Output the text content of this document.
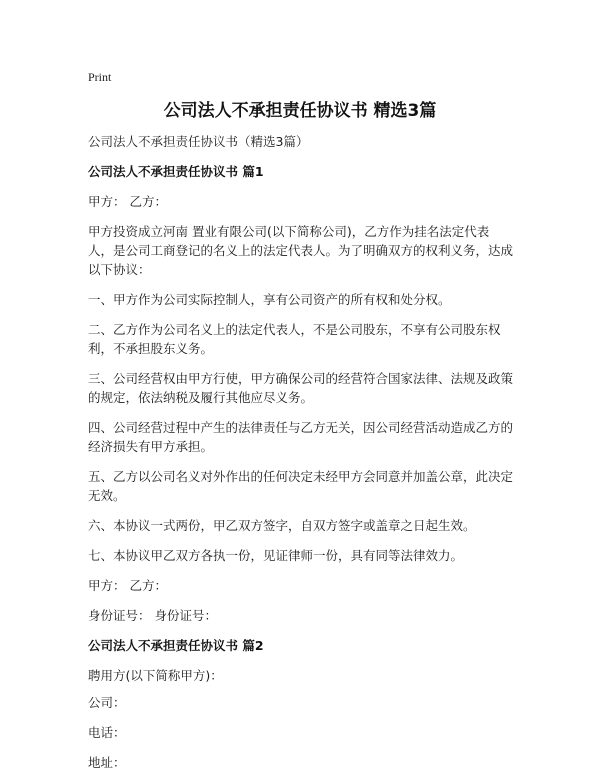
Print
公司法人不承担责任协议书 精选3篇

公司法人不承担责任协议书（精选3篇）

公司法人不承担责任协议书 篇1

甲方： 乙方：

甲方投资成立河南 置业有限公司(以下简称公司)，乙方作为挂名法定代表人，是公司工商登记的名义上的法定代表人。为了明确双方的权利义务，达成以下协议：

一、甲方作为公司实际控制人，享有公司资产的所有权和处分权。

二、乙方作为公司名义上的法定代表人，不是公司股东，不享有公司股东权利，不承担股东义务。

三、公司经营权由甲方行使，甲方确保公司的经营符合国家法律、法规及政策的规定，依法纳税及履行其他应尽义务。

四、公司经营过程中产生的法律责任与乙方无关，因公司经营活动造成乙方的经济损失有甲方承担。

五、乙方以公司名义对外作出的任何决定未经甲方会同意并加盖公章，此决定无效。

六、本协议一式两份，甲乙双方签字，自双方签字或盖章之日起生效。

七、本协议甲乙双方各执一份，见证律师一份，具有同等法律效力。

甲方： 乙方：

身份证号： 身份证号：

公司法人不承担责任协议书 篇2

聘用方(以下简称甲方)：

公司：

电话：

地址：
